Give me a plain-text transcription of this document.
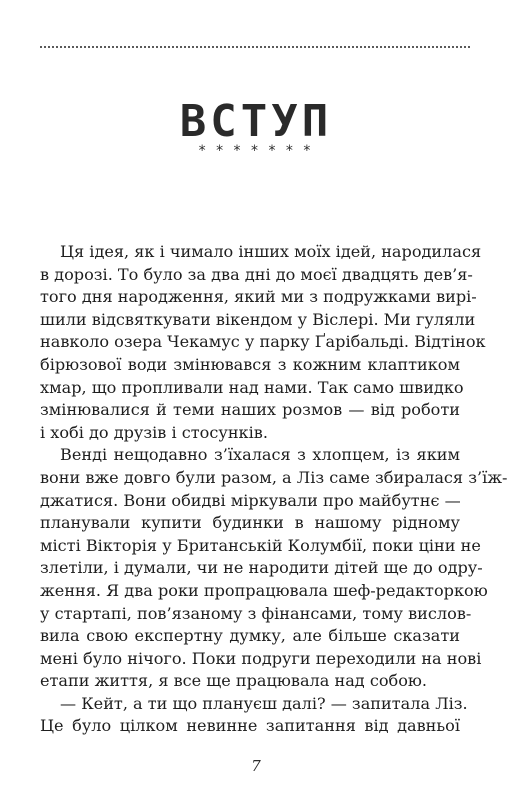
ВСТУП
* * * * * * *
Ця ідея, як і чимало інших моїх ідей, народилася
в дорозі. То було за два дні до моєї двадцять дев’я-
того дня народження, який ми з подружками вирі-
шили відсвяткувати вікендом у Віслері. Ми гуляли
навколо озера Чекамус у парку Ґарібальді. Відтінок
бірюзової води змінювався з кожним клаптиком
хмар, що пропливали над нами. Так само швидко
змінювалися й теми наших розмов — від роботи
і хобі до друзів і стосунків.
Венді нещодавно з’їхалася з хлопцем, із яким
вони вже довго були разом, а Ліз саме збиралася з’їж-
джатися. Вони обидві міркували про майбутнє —
планували купити будинки в нашому рідному
місті Вікторія у Британській Колумбії, поки ціни не
злетіли, і думали, чи не народити дітей ще до одру-
ження. Я два роки пропрацювала шеф-редакторкою
у стартапі, пов’язаному з фінансами, тому вислов-
вила свою експертну думку, але більше сказати
мені було нічого. Поки подруги переходили на нові
етапи життя, я все ще працювала над собою.
— Кейт, а ти що плануєш далі? — запитала Ліз.
Це було цілком невинне запитання від давньої
7
